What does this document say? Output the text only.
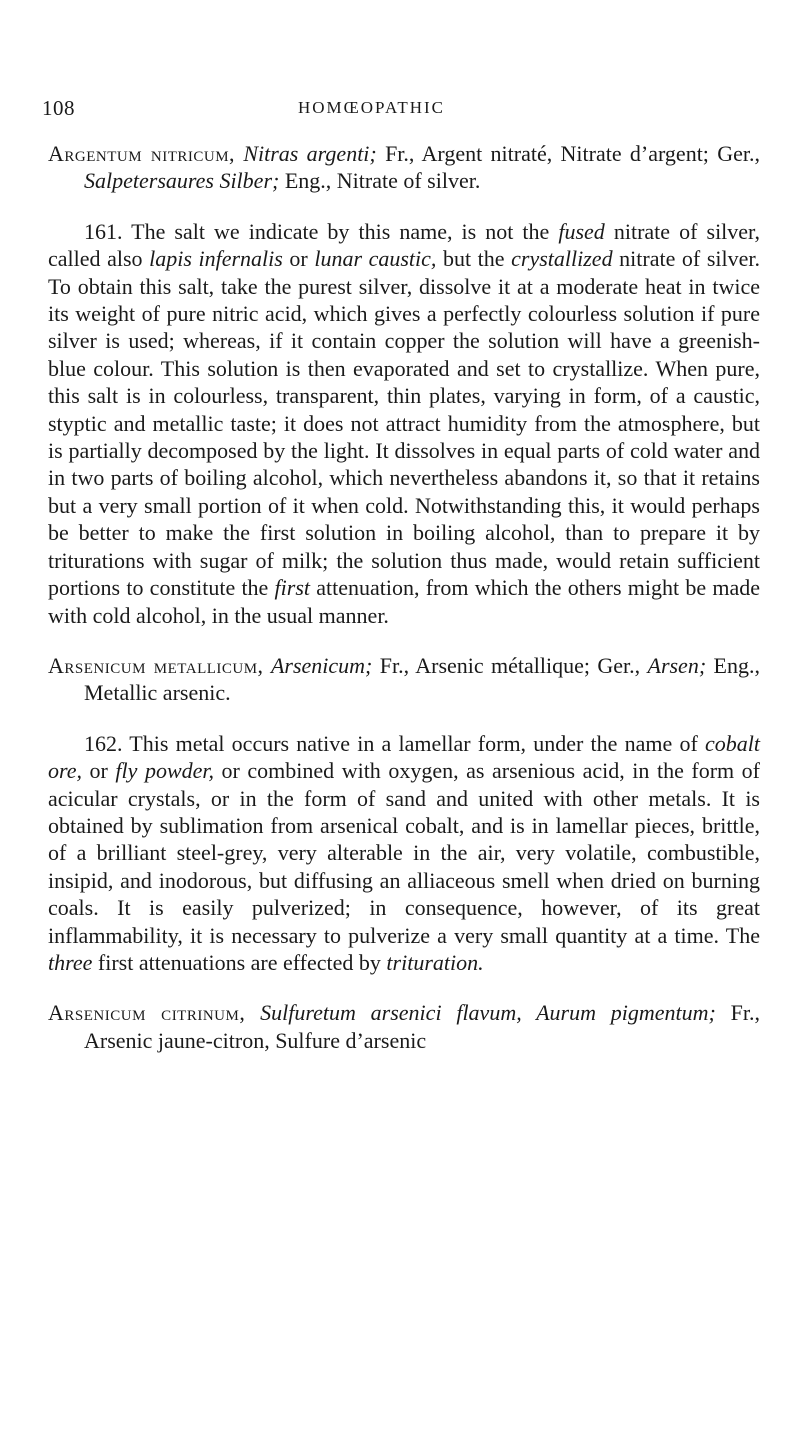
108	HOMŒOPATHIC

Argentum nitricum, Nitras argenti; Fr., Argent nitraté, Nitrate d’argent; Ger., Salpetersaures Silber; Eng., Nitrate of silver.

161. The salt we indicate by this name, is not the fused nitrate of silver, called also lapis infernalis or lunar caustic, but the crystallized nitrate of silver. To obtain this salt, take the purest silver, dissolve it at a moderate heat in twice its weight of pure nitric acid, which gives a perfectly colourless solution if pure silver is used; whereas, if it contain copper the solution will have a greenish-blue colour. This solution is then evaporated and set to crystallize. When pure, this salt is in colourless, transparent, thin plates, varying in form, of a caustic, styptic and metallic taste; it does not attract humidity from the atmosphere, but is partially decomposed by the light. It dissolves in equal parts of cold water and in two parts of boiling alcohol, which nevertheless abandons it, so that it retains but a very small portion of it when cold. Notwithstanding this, it would perhaps be better to make the first solution in boiling alcohol, than to prepare it by triturations with sugar of milk; the solution thus made, would retain sufficient portions to constitute the first attenuation, from which the others might be made with cold alcohol, in the usual manner.

Arsenicum metallicum, Arsenicum; Fr., Arsenic métallique; Ger., Arsen; Eng., Metallic arsenic.

162. This metal occurs native in a lamellar form, under the name of cobalt ore, or fly powder, or combined with oxygen, as arsenious acid, in the form of acicular crystals, or in the form of sand and united with other metals. It is obtained by sublimation from arsenical cobalt, and is in lamellar pieces, brittle, of a brilliant steel-grey, very alterable in the air, very volatile, combustible, insipid, and inodorous, but diffusing an alliaceous smell when dried on burning coals. It is easily pulverized; in consequence, however, of its great inflammability, it is necessary to pulverize a very small quantity at a time. The three first attenuations are effected by trituration.

Arsenicum citrinum, Sulfuretum arsenici flavum, Aurum pigmentum; Fr., Arsenic jaune-citron, Sulfure d’arsenic
